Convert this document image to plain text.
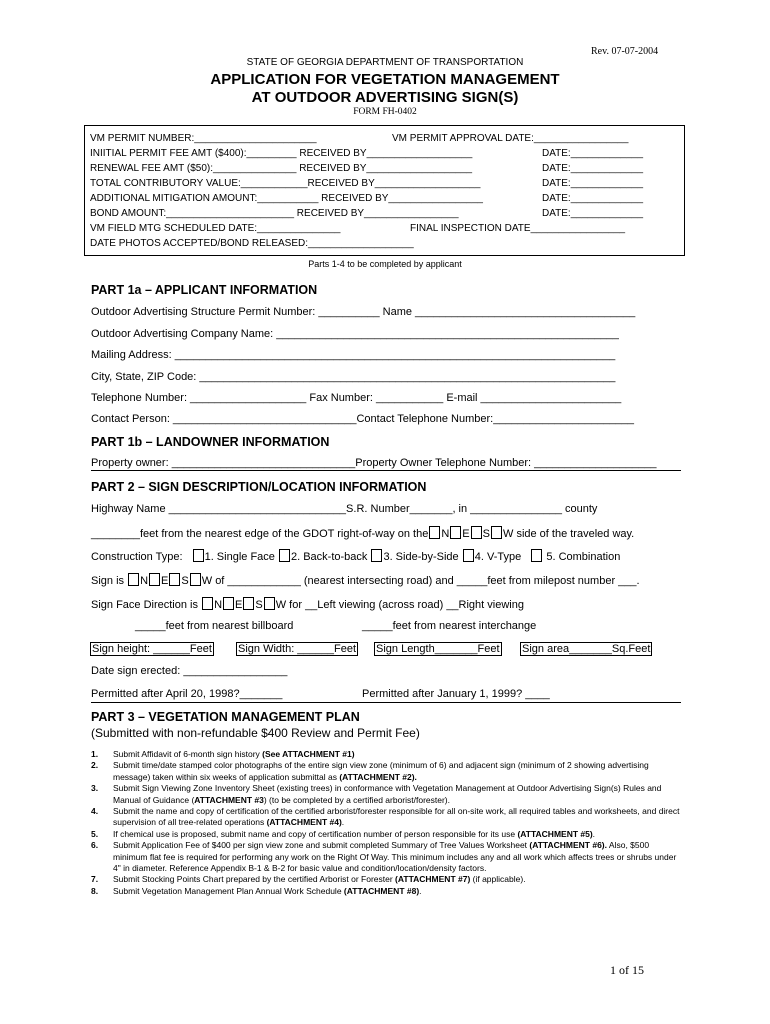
Rev. 07-07-2004
STATE OF GEORGIA DEPARTMENT OF TRANSPORTATION
APPLICATION FOR VEGETATION MANAGEMENT
AT OUTDOOR ADVERTISING SIGN(S)
FORM FH-0402
VM PERMIT NUMBER:______________________	VM PERMIT APPROVAL DATE:_________________
INIITIAL PERMIT FEE AMT ($400):_________ RECEIVED BY___________________	DATE:_____________
RENEWAL FEE AMT ($50):_______________ RECEIVED BY___________________	DATE:_____________
TOTAL CONTRIBUTORY VALUE:____________RECEIVED BY___________________	DATE:_____________
ADDITIONAL MITIGATION AMOUNT:___________ RECEIVED BY_________________	DATE:_____________
BOND AMOUNT:_______________________ RECEIVED BY_________________	DATE:_____________
VM FIELD MTG SCHEDULED DATE:_______________	FINAL INSPECTION DATE_________________
DATE PHOTOS ACCEPTED/BOND RELEASED:___________________
Parts 1-4 to be completed by applicant
PART 1a – APPLICANT INFORMATION
Outdoor Advertising Structure Permit Number: __________ Name ____________________________________
Outdoor Advertising Company Name: ________________________________________________________
Mailing Address: ________________________________________________________________________
City, State, ZIP Code: ____________________________________________________________________
Telephone Number: ___________________ Fax Number: ___________ E-mail _______________________
Contact Person: ______________________________Contact Telephone Number:_______________________
PART 1b – LANDOWNER INFORMATION
Property owner: ______________________________Property Owner Telephone Number: ____________________
PART 2 – SIGN DESCRIPTION/LOCATION INFORMATION
Highway Name _____________________________S.R. Number_______, in _______________ county
________feet from the nearest edge of the GDOT right-of-way on the N E S W side of the traveled way.
Construction Type: 1. Single Face 2. Back-to-back 3. Side-by-Side 4. V-Type 5. Combination
Sign is N E S W of ____________ (nearest intersecting road) and _____feet from milepost number ___.
Sign Face Direction is N E S W for __Left viewing (across road) __Right viewing
_____feet from nearest billboard	_____feet from nearest interchange
Sign height: ______Feet Sign Width: ______Feet Sign Length_______Feet Sign area_______Sq.Feet
Date sign erected: _________________
Permitted after April 20, 1998?_______	Permitted after January 1, 1999? ____
PART 3 – VEGETATION MANAGEMENT PLAN
(Submitted with non-refundable $400 Review and Permit Fee)
1.	Submit Affidavit of 6-month sign history (See ATTACHMENT #1)
2.	Submit time/date stamped color photographs of the entire sign view zone (minimum of 6) and adjacent sign (minimum of 2 showing advertising message) taken within six weeks of application submittal as (ATTACHMENT #2).
3.	Submit Sign Viewing Zone Inventory Sheet (existing trees) in conformance with Vegetation Management at Outdoor Advertising Sign(s) Rules and Manual of Guidance (ATTACHMENT #3) (to be completed by a certified arborist/forester).
4.	Submit the name and copy of certification of the certified arborist/forester responsible for all on-site work, all required tables and worksheets, and direct supervision of all tree-related operations (ATTACHMENT #4).
5.	If chemical use is proposed, submit name and copy of certification number of person responsible for its use (ATTACHMENT #5).
6.	Submit Application Fee of $400 per sign view zone and submit completed Summary of Tree Values Worksheet (ATTACHMENT #6). Also, $500 minimum flat fee is required for performing any work on the Right Of Way. This minimum includes any and all work which affects trees or shrubs under 4" in diameter. Reference Appendix B-1 & B-2 for basic value and condition/location/density factors.
7.	Submit Stocking Points Chart prepared by the certified Arborist or Forester (ATTACHMENT #7) (if applicable).
8.	Submit Vegetation Management Plan Annual Work Schedule (ATTACHMENT #8).
1 of 15
